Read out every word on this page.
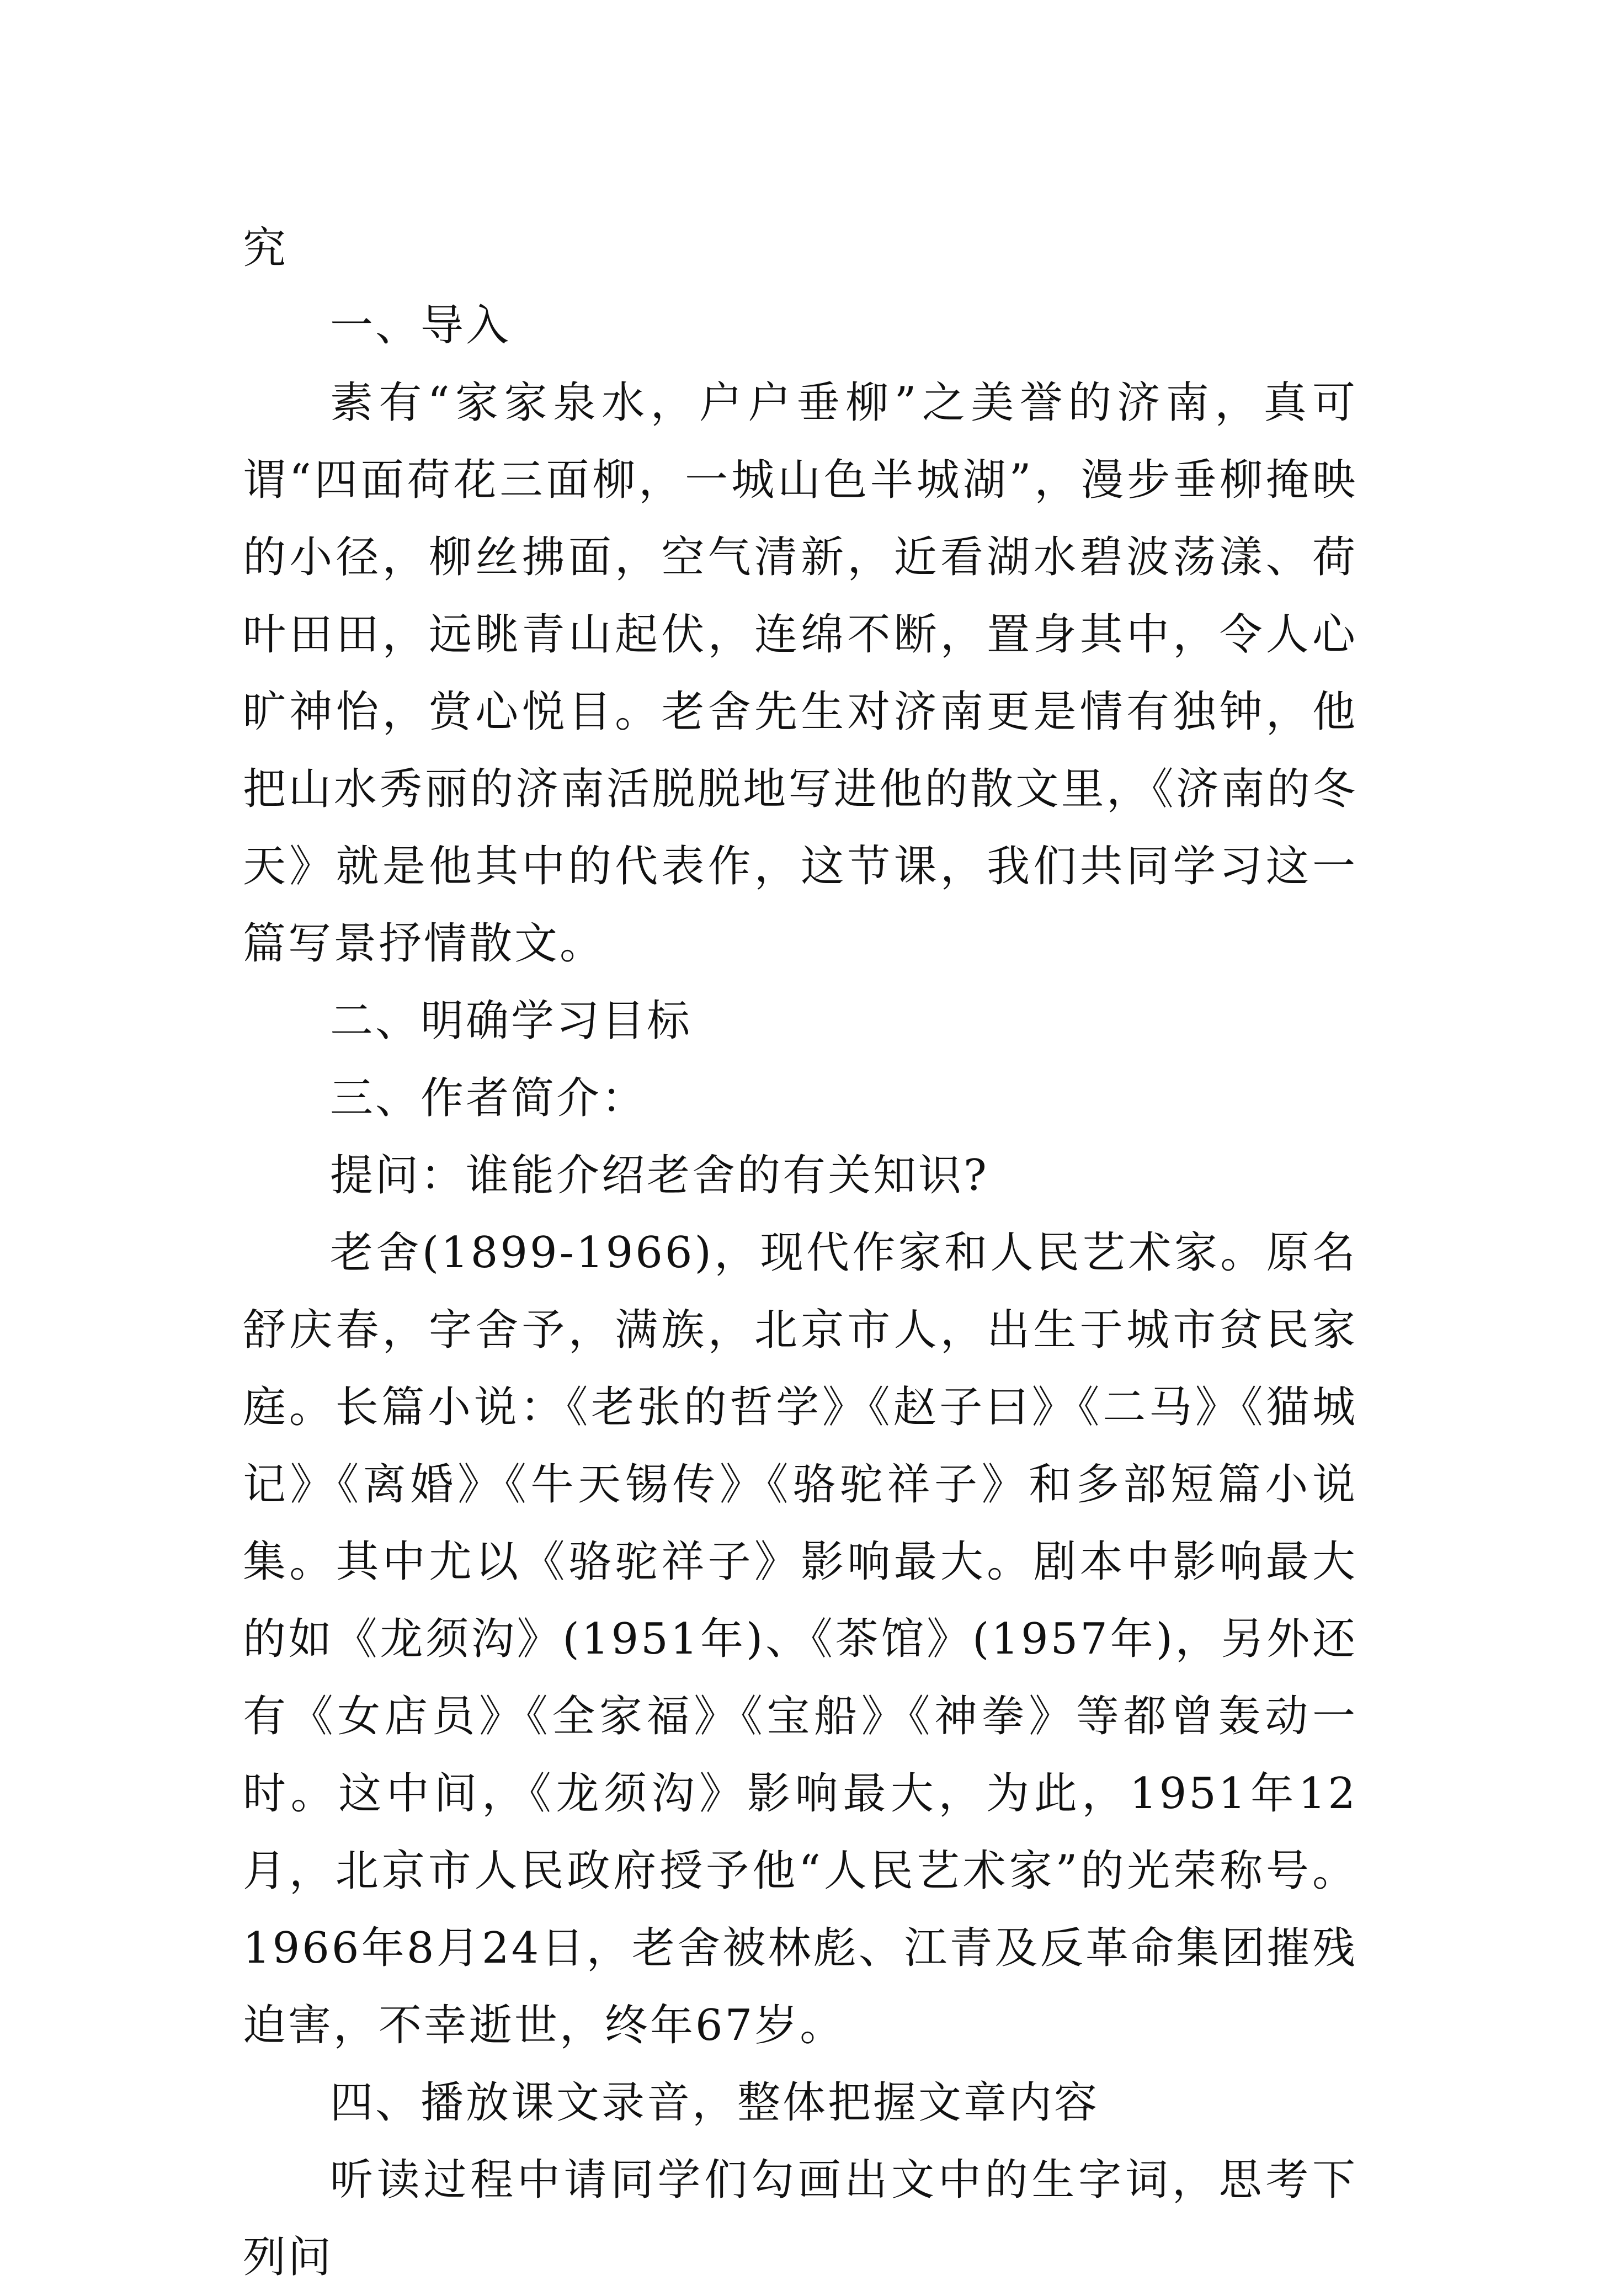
究

一、导入

素有“家家泉水，户户垂柳”之美誉的济南，真可谓“四面荷花三面柳，一城山色半城湖”，漫步垂柳掩映的小径，柳丝拂面，空气清新，近看湖水碧波荡漾、荷叶田田，远眺青山起伏，连绵不断，置身其中，令人心旷神怡，赏心悦目。老舍先生对济南更是情有独钟，他把山水秀丽的济南活脱脱地写进他的散文里，《济南的冬天》就是他其中的代表作，这节课，我们共同学习这一篇写景抒情散文。

二、明确学习目标

三、作者简介：

提问：谁能介绍老舍的有关知识?

老舍(1899-1966)，现代作家和人民艺术家。原名舒庆春，字舍予，满族，北京市人，出生于城市贫民家庭。长篇小说：《老张的哲学》《赵子曰》《二马》《猫城记》《离婚》《牛天锡传》《骆驼祥子》和多部短篇小说集。其中尤以《骆驼祥子》影响最大。剧本中影响最大的如《龙须沟》(1951年)、《茶馆》(1957年)，另外还有《女店员》《全家福》《宝船》《神拳》等都曾轰动一时。这中间，《龙须沟》影响最大，为此，1951年12月，北京市人民政府授予他“人民艺术家”的光荣称号。1966年8月24日，老舍被林彪、江青及反革命集团摧残迫害，不幸逝世，终年67岁。

四、播放课文录音，整体把握文章内容

听读过程中请同学们勾画出文中的生字词，思考下列问
